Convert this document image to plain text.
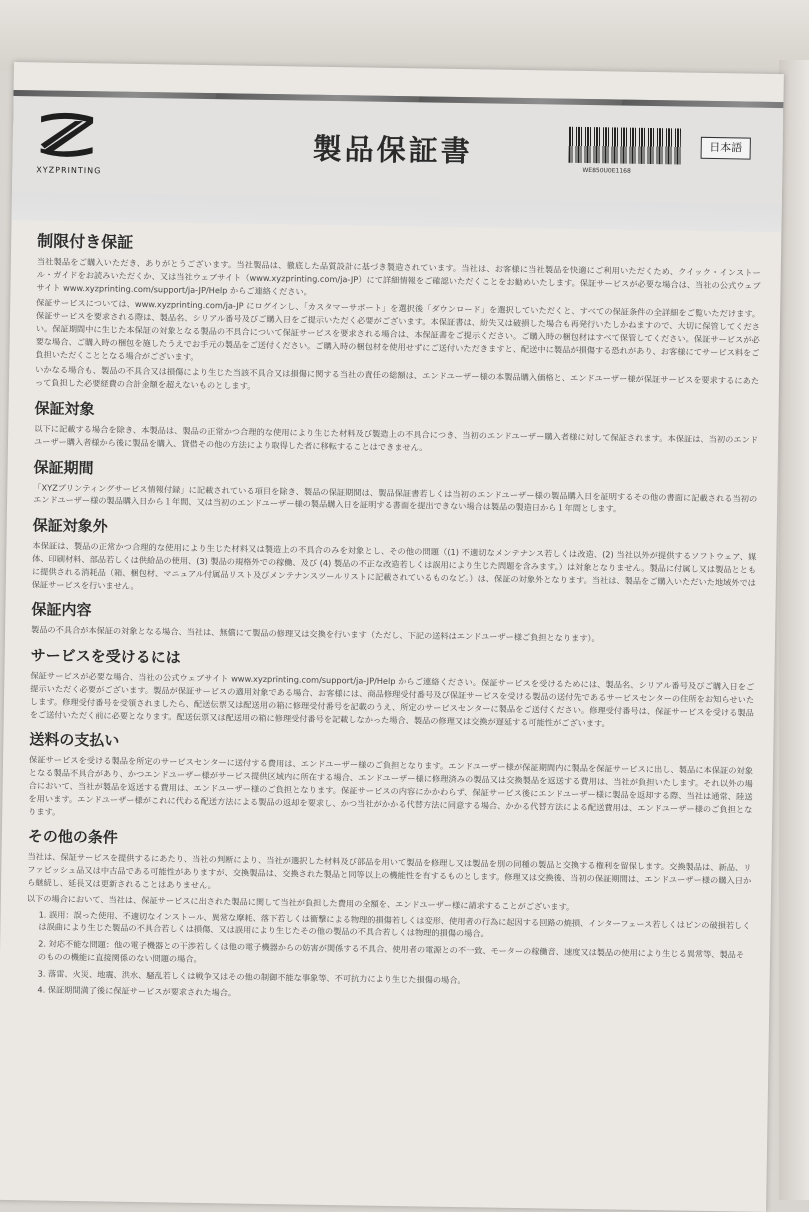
XYZPRINTING
製品保証書
WE850U0E1168
日本語
制限付き保証

当社製品をご購入いただき、ありがとうございます。当社製品は、徹底した品質設計に基づき製造されています。当社は、お客様に当社製品を快適にご利用いただくため、クイック・インストール・ガイドをお読みいただくか、又は当社ウェブサイト（www.xyzprinting.com/ja-JP）にて詳細情報をご確認いただくことをお勧めいたします。保証サービスが必要な場合は、当社の公式ウェブサイト www.xyzprinting.com/support/ja-JP/Help からご連絡ください。

保証サービスについては、www.xyzprinting.com/ja-JP にログインし、「カスタマーサポート」を選択後「ダウンロード」を選択していただくと、すべての保証条件の全詳細をご覧いただけます。保証サービスを要求される際は、製品名、シリアル番号及びご購入日をご提示いただく必要がございます。本保証書は、紛失又は破損した場合も再発行いたしかねますので、大切に保管してください。保証期間中に生じた本保証の対象となる製品の不具合について保証サービスを要求される場合は、本保証書をご提示ください。ご購入時の梱包材はすべて保管してください。保証サービスが必要な場合、ご購入時の梱包を施したうえでお手元の製品をご送付ください。ご購入時の梱包材を使用せずにご送付いただきますと、配送中に製品が損傷する恐れがあり、お客様にてサービス料をご負担いただくこととなる場合がございます。

いかなる場合も、製品の不具合又は損傷により生じた当該不具合又は損傷に関する当社の責任の総額は、エンドユーザー様の本製品購入価格と、エンドユーザー様が保証サービスを要求するにあたって負担した必要経費の合計金額を超えないものとします。

保証対象

以下に記載する場合を除き、本製品は、製品の正常かつ合理的な使用により生じた材料及び製造上の不具合につき、当初のエンドユーザー購入者様に対して保証されます。本保証は、当初のエンドユーザー購入者様から後に製品を購入、貸借その他の方法により取得した者に移転することはできません。

保証期間

「XYZプリンティングサービス情報付録」に記載されている項目を除き、製品の保証期間は、製品保証書若しくは当初のエンドユーザー様の製品購入日を証明するその他の書面に記載される当初のエンドユーザー様の製品購入日から１年間、又は当初のエンドユーザー様の製品購入日を証明する書面を提出できない場合は製品の製造日から１年間とします。

保証対象外

本保証は、製品の正常かつ合理的な使用により生じた材料又は製造上の不具合のみを対象とし、その他の問題（(1) 不適切なメンテナンス若しくは改造、(2) 当社以外が提供するソフトウェア、媒体、印刷材料、部品若しくは供給品の使用、(3) 製品の規格外での稼働、及び (4) 製品の不正な改造若しくは誤用により生じた問題を含みます。）は対象となりません。製品に付属し又は製品とともに提供される消耗品（箱、梱包材、マニュアル付属品リスト及びメンテナンスツールリストに記載されているものなど。）は、保証の対象外となります。当社は、製品をご購入いただいた地域外では保証サービスを行いません。

保証内容

製品の不具合が本保証の対象となる場合、当社は、無償にて製品の修理又は交換を行います（ただし、下記の送料はエンドユーザー様ご負担となります）。

サービスを受けるには

保証サービスが必要な場合、当社の公式ウェブサイト www.xyzprinting.com/support/ja-JP/Help からご連絡ください。保証サービスを受けるためには、製品名、シリアル番号及びご購入日をご提示いただく必要がございます。製品が保証サービスの適用対象である場合、お客様には、商品修理受付番号及び保証サービスを受ける製品の送付先であるサービスセンターの住所をお知らせいたします。修理受付番号を受領されましたら、配送伝票又は配送用の箱に修理受付番号を記載のうえ、所定のサービスセンターに製品をご送付ください。修理受付番号は、保証サービスを受ける製品をご送付いただく前に必要となります。配送伝票又は配送用の箱に修理受付番号を記載しなかった場合、製品の修理又は交換が遅延する可能性がございます。

送料の支払い

保証サービスを受ける製品を所定のサービスセンターに送付する費用は、エンドユーザー様のご負担となります。エンドユーザー様が保証期間内に製品を保証サービスに出し、製品に本保証の対象となる製品不具合があり、かつエンドユーザー様がサービス提供区域内に所在する場合、エンドユーザー様に修理済みの製品又は交換製品を返送する費用は、当社が負担いたします。それ以外の場合において、当社が製品を返送する費用は、エンドユーザー様のご負担となります。保証サービスの内容にかかわらず、保証サービス後にエンドユーザー様に製品を返却する際、当社は通常、陸送を用います。エンドユーザー様がこれに代わる配送方法による製品の返却を要求し、かつ当社がかかる代替方法に同意する場合、かかる代替方法による配送費用は、エンドユーザー様のご負担となります。

その他の条件

当社は、保証サービスを提供するにあたり、当社の判断により、当社が選択した材料及び部品を用いて製品を修理し又は製品を別の同種の製品と交換する権利を留保します。交換製品は、新品、リファビッシュ品又は中古品である可能性がありますが、交換製品は、交換された製品と同等以上の機能性を有するものとします。修理又は交換後、当初の保証期間は、エンドユーザー様の購入日から継続し、延長又は更新されることはありません。

以下の場合において、当社は、保証サービスに出された製品に関して当社が負担した費用の全額を、エンドユーザー様に請求することがございます。

1. 誤用：誤った使用、不適切なインストール、異常な摩耗、落下若しくは衝撃による物理的損傷若しくは変形、使用者の行為に起因する回路の焼損、インターフェース若しくはピンの破損若しくは誤曲により生じた製品の不具合若しくは損傷、又は誤用により生じたその他の製品の不具合若しくは物理的損傷の場合。
2. 対応不能な問題：他の電子機器との干渉若しくは他の電子機器からの妨害が関係する不具合、使用者の電源との不一致、モーターの稼働音、速度又は製品の使用により生じる異常等、製品そのものの機能に直接関係のない問題の場合。
3. 落雷、火災、地震、洪水、騒乱若しくは戦争又はその他の制御不能な事象等、不可抗力により生じた損傷の場合。
4. 保証期間満了後に保証サービスが要求された場合。
